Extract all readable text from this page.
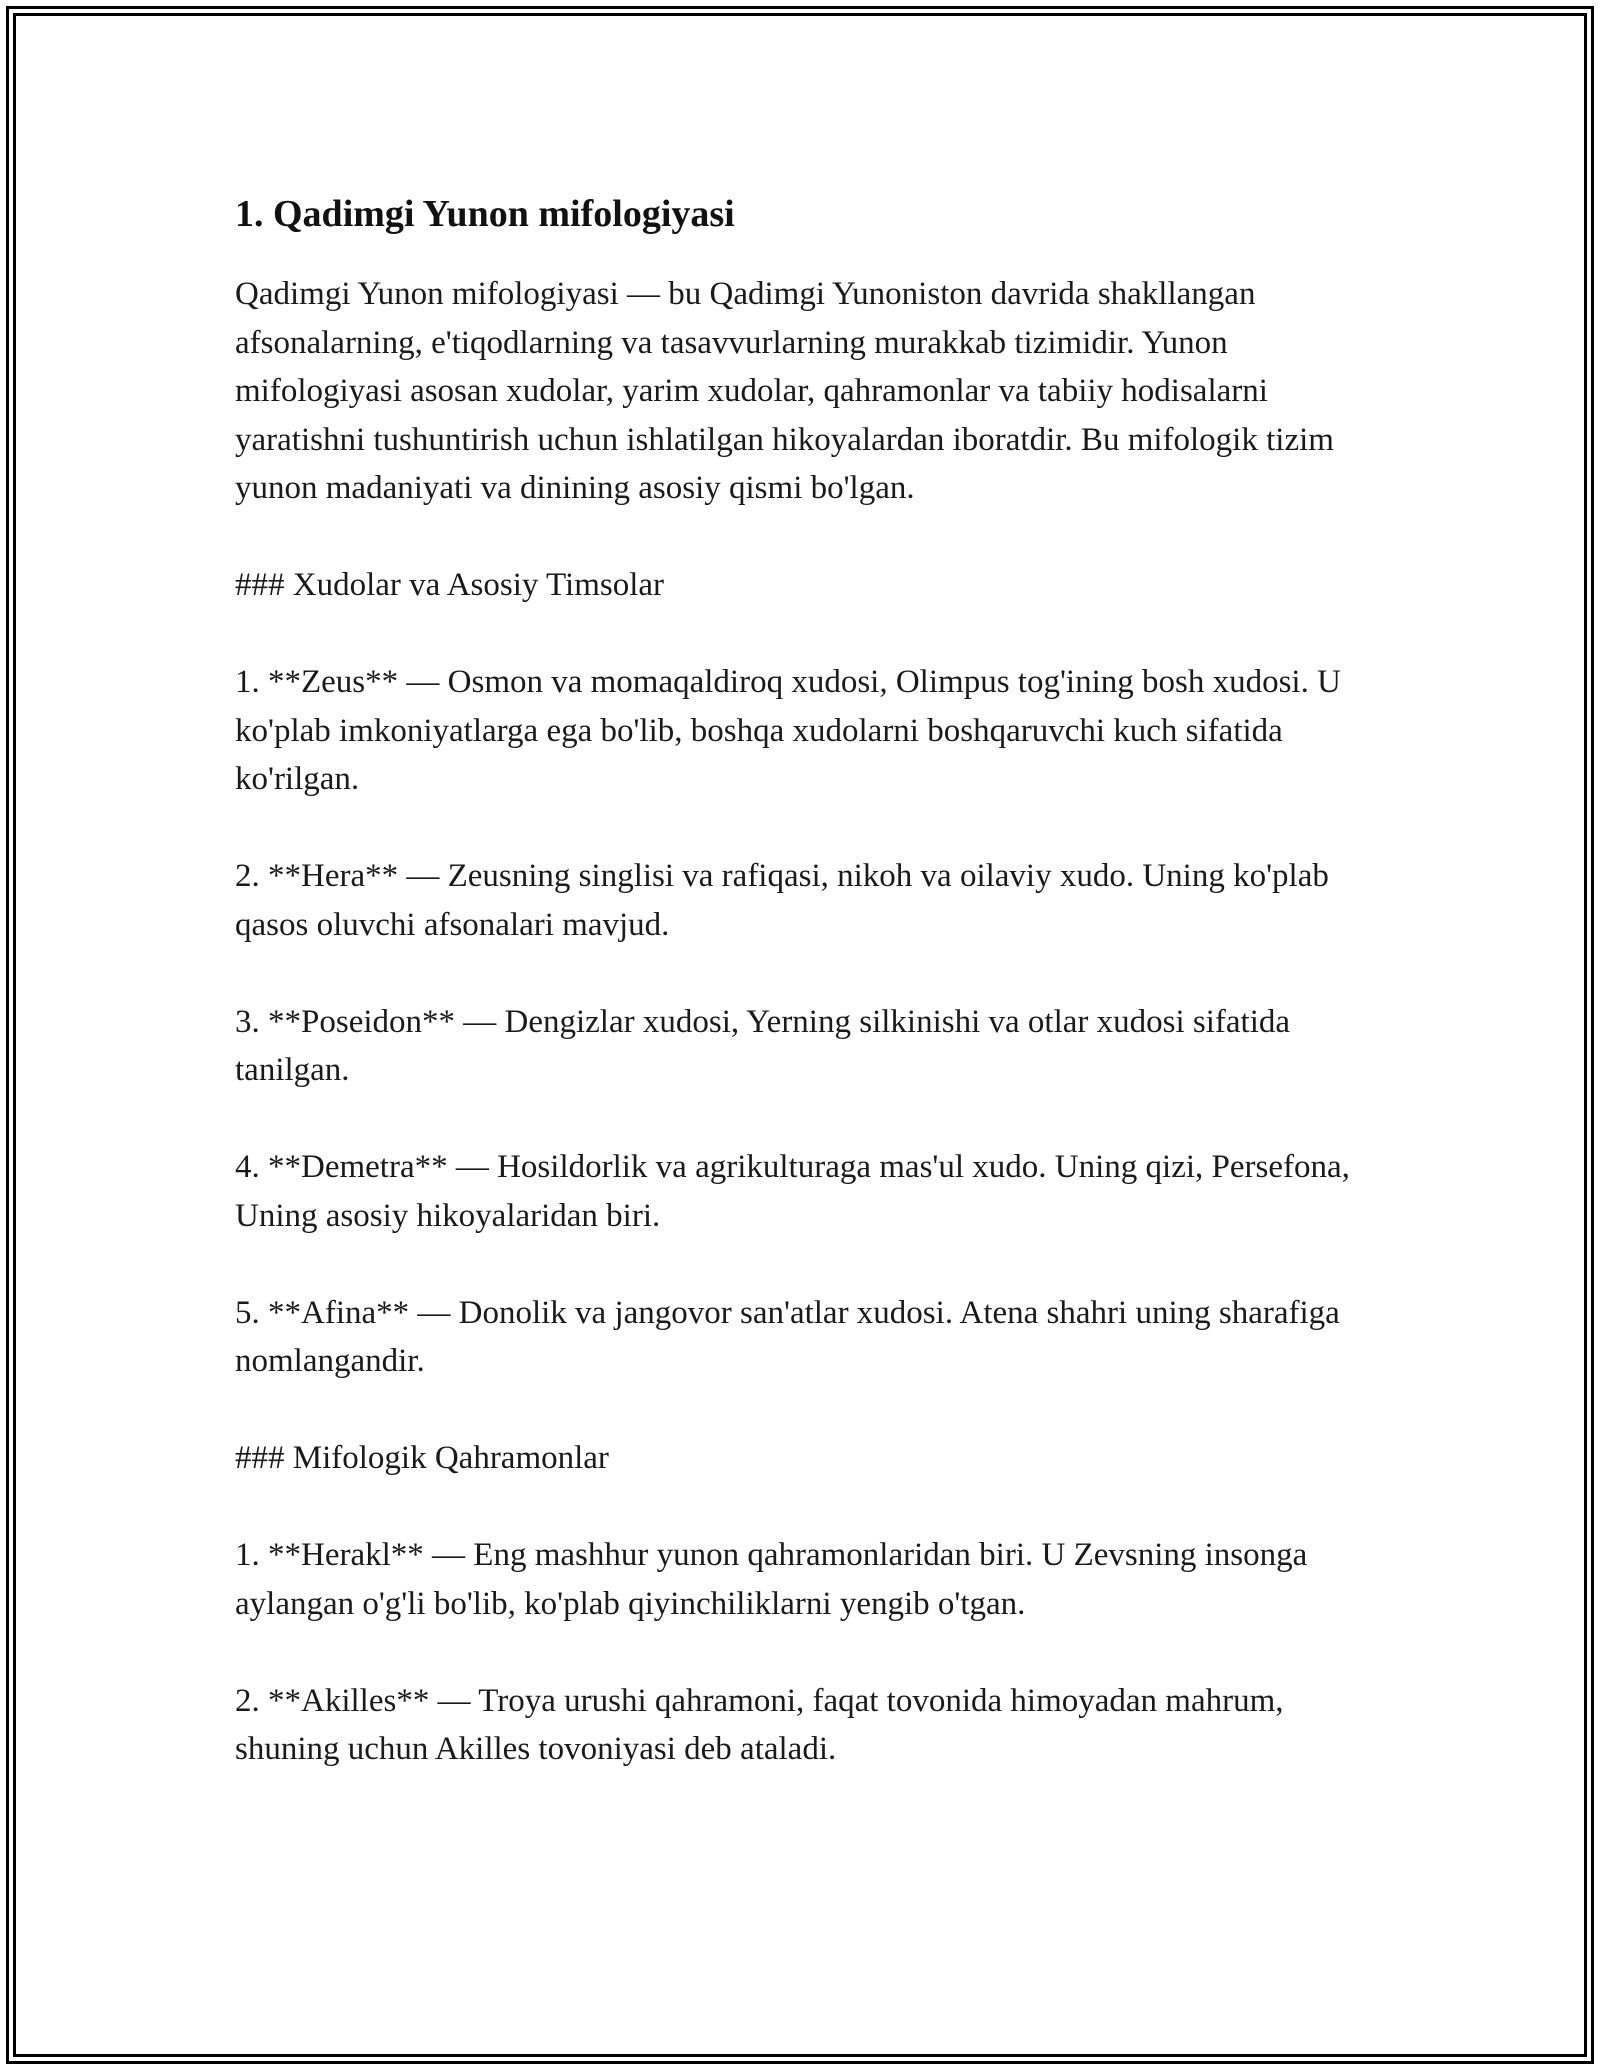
1. Qadimgi Yunon mifologiyasi

Qadimgi Yunon mifologiyasi — bu Qadimgi Yunoniston davrida shakllangan afsonalarning, e'tiqodlarning va tasavvurlarning murakkab tizimidir. Yunon mifologiyasi asosan xudolar, yarim xudolar, qahramonlar va tabiiy hodisalarni yaratishni tushuntirish uchun ishlatilgan hikoyalardan iboratdir. Bu mifologik tizim yunon madaniyati va dinining asosiy qismi bo'lgan.

### Xudolar va Asosiy Timsolar

1. **Zeus** — Osmon va momaqaldiroq xudosi, Olimpus tog'ining bosh xudosi. U ko'plab imkoniyatlarga ega bo'lib, boshqa xudolarni boshqaruvchi kuch sifatida ko'rilgan.

2. **Hera** — Zeusning singlisi va rafiqasi, nikoh va oilaviy xudo. Uning ko'plab qasos oluvchi afsonalari mavjud.

3. **Poseidon** — Dengizlar xudosi, Yerning silkinishi va otlar xudosi sifatida tanilgan.

4. **Demetra** — Hosildorlik va agrikulturaga mas'ul xudo. Uning qizi, Persefona, Uning asosiy hikoyalaridan biri.

5. **Afina** — Donolik va jangovor san'atlar xudosi. Atena shahri uning sharafiga nomlangandir.

### Mifologik Qahramonlar

1. **Herakl** — Eng mashhur yunon qahramonlaridan biri. U Zevsning insonga aylangan o'g'li bo'lib, ko'plab qiyinchiliklarni yengib o'tgan.

2. **Akilles** — Troya urushi qahramoni, faqat tovonida himoyadan mahrum, shuning uchun Akilles tovoniyasi deb ataladi.
